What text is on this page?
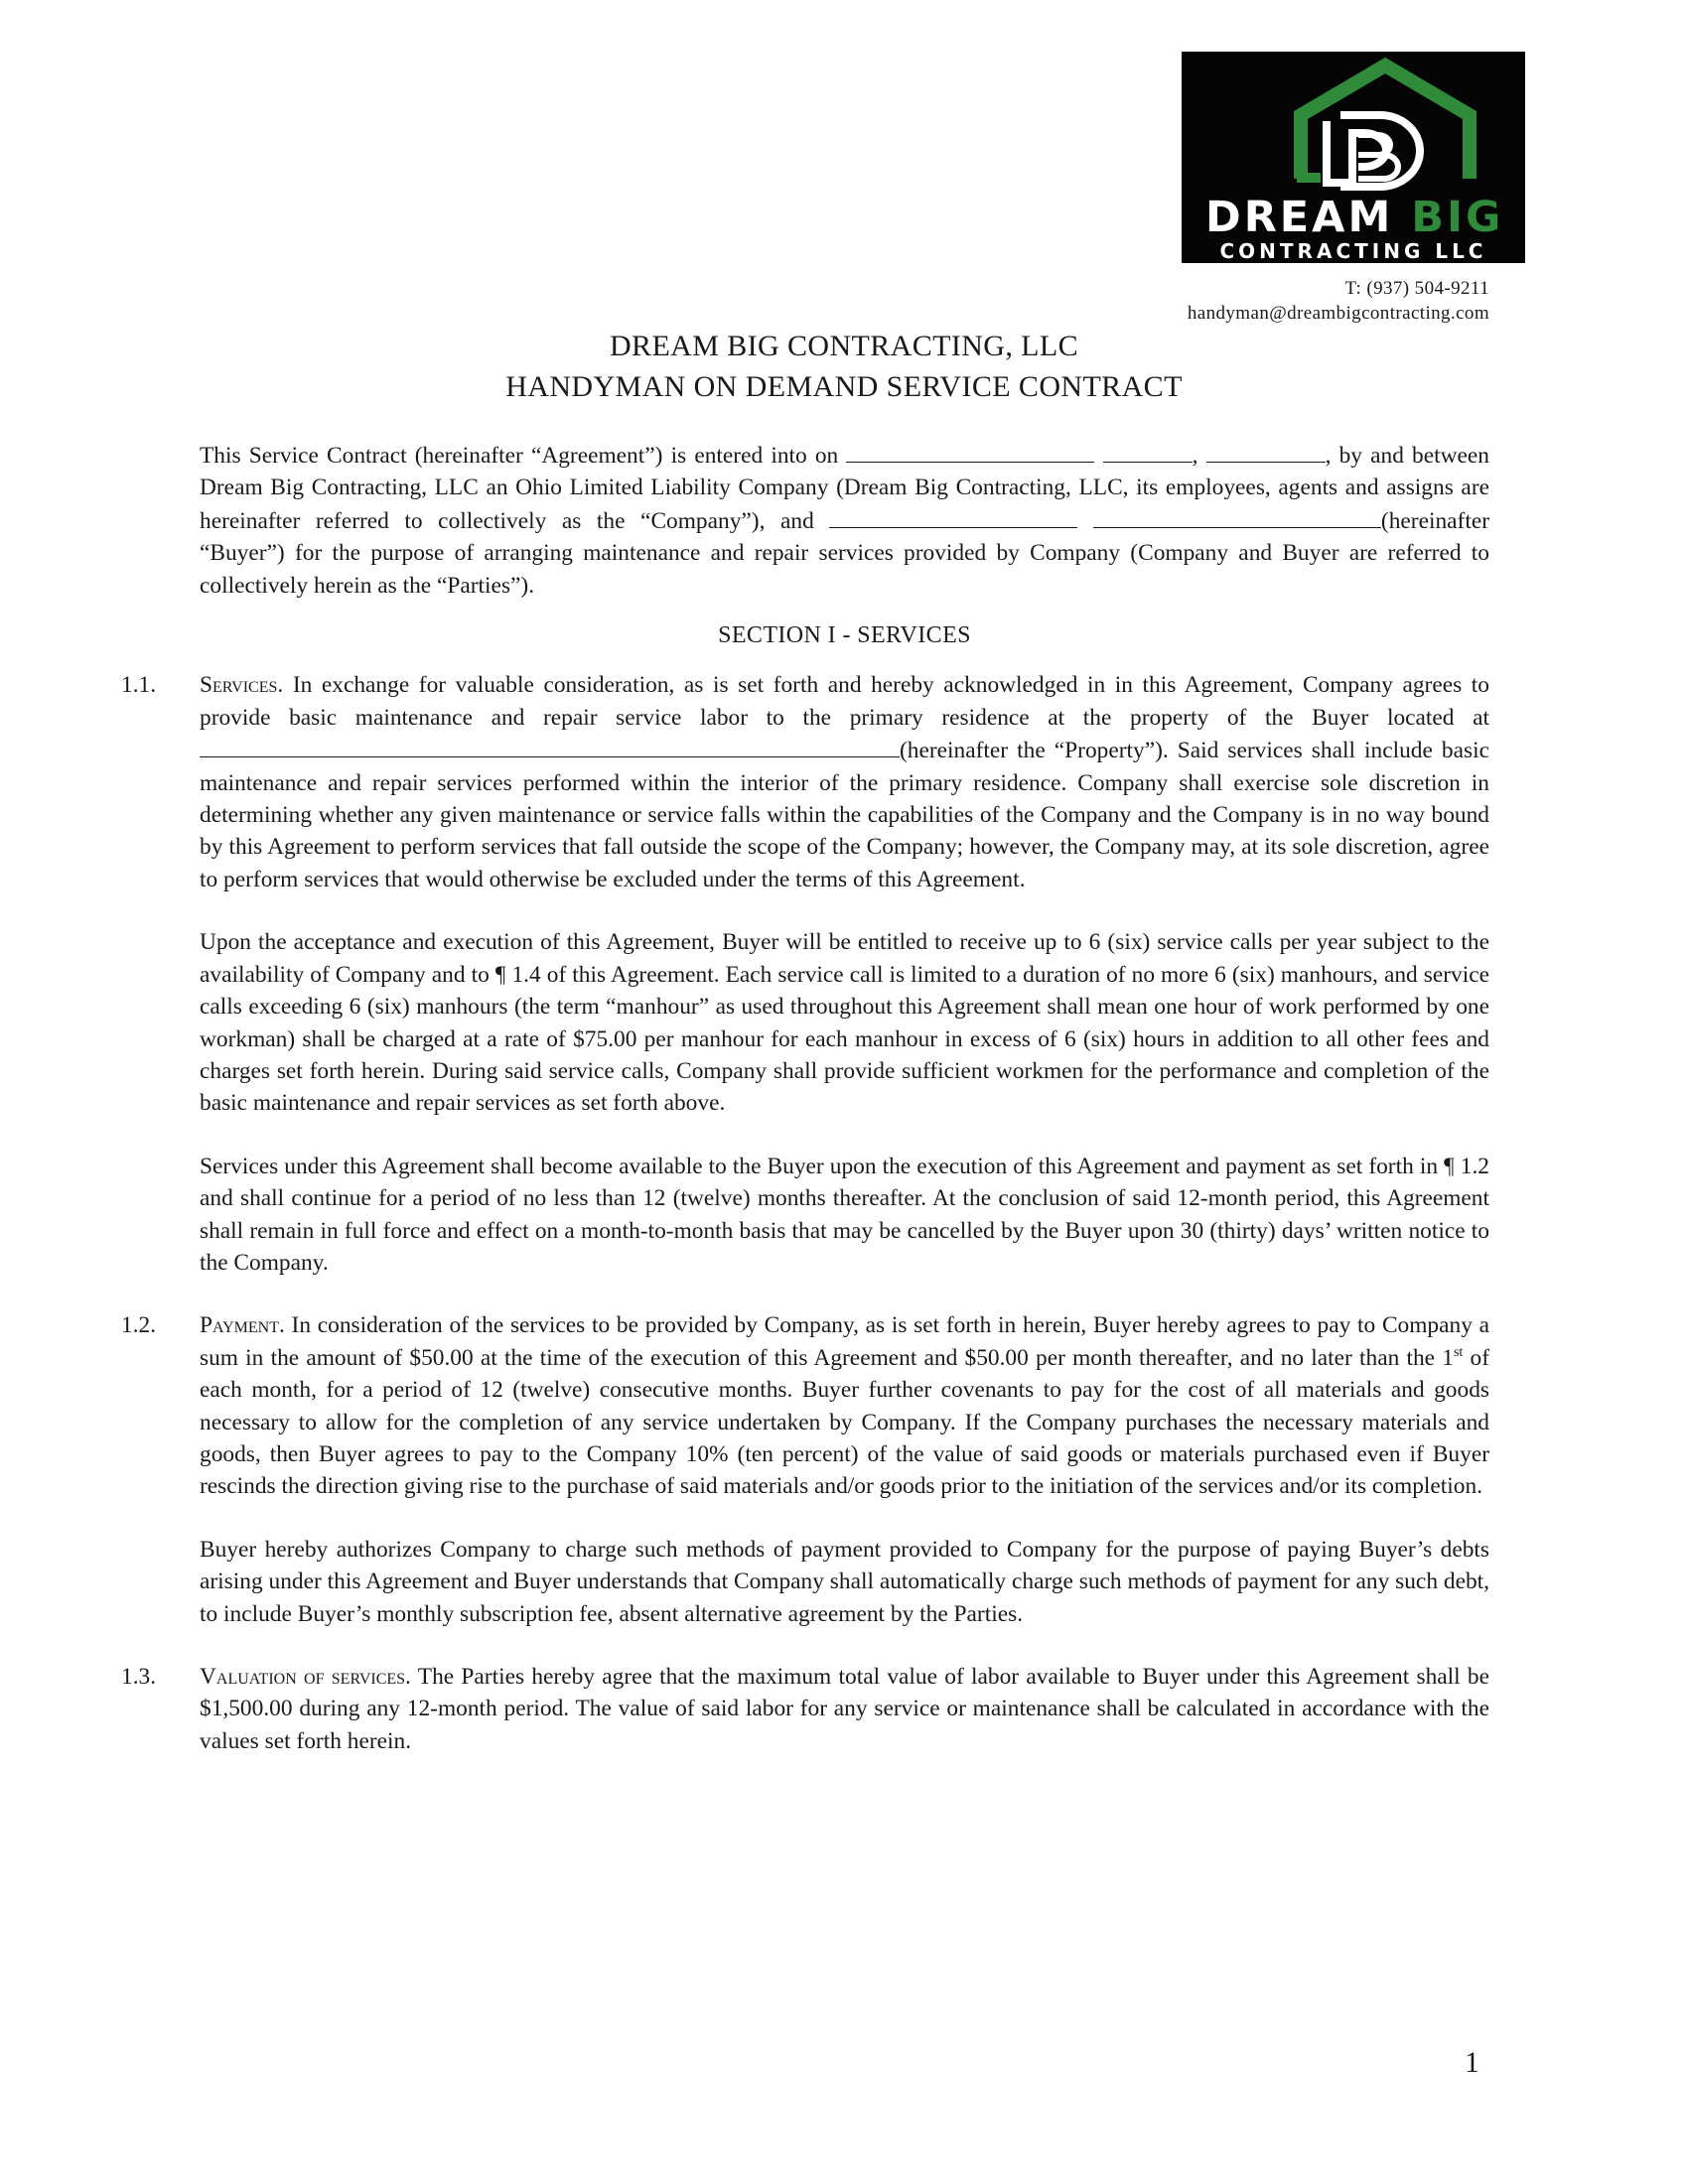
DREAM BIG
CONTRACTING LLC
T: (937) 504-9211
handyman@dreambigcontracting.com
DREAM BIG CONTRACTING, LLC
HANDYMAN ON DEMAND SERVICE CONTRACT

This Service Contract (hereinafter “Agreement”) is entered into on	,	, by and between Dream Big Contracting, LLC an Ohio Limited Liability Company (Dream Big Contracting, LLC, its employees, agents and assigns are hereinafter referred to collectively as the “Company”), and	(hereinafter “Buyer”) for the purpose of arranging maintenance and repair services provided by Company (Company and Buyer are referred to collectively herein as the “Parties”).

SECTION I - SERVICES
1.1. Services. In exchange for valuable consideration, as is set forth and hereby acknowledged in in this Agreement, Company agrees to provide basic maintenance and repair service labor to the primary residence at the property of the Buyer located at (hereinafter the “Property”). Said services shall include basic maintenance and repair services performed within the interior of the primary residence. Company shall exercise sole discretion in determining whether any given maintenance or service falls within the capabilities of the Company and the Company is in no way bound by this Agreement to perform services that fall outside the scope of the Company; however, the Company may, at its sole discretion, agree to perform services that would otherwise be excluded under the terms of this Agreement.

Upon the acceptance and execution of this Agreement, Buyer will be entitled to receive up to 6 (six) service calls per year subject to the availability of Company and to ¶ 1.4 of this Agreement. Each service call is limited to a duration of no more 6 (six) manhours, and service calls exceeding 6 (six) manhours (the term “manhour” as used throughout this Agreement shall mean one hour of work performed by one workman) shall be charged at a rate of $75.00 per manhour for each manhour in excess of 6 (six) hours in addition to all other fees and charges set forth herein. During said service calls, Company shall provide sufficient workmen for the performance and completion of the basic maintenance and repair services as set forth above.

Services under this Agreement shall become available to the Buyer upon the execution of this Agreement and payment as set forth in ¶ 1.2 and shall continue for a period of no less than 12 (twelve) months thereafter. At the conclusion of said 12-month period, this Agreement shall remain in full force and effect on a month-to-month basis that may be cancelled by the Buyer upon 30 (thirty) days’ written notice to the Company.

1.2. Payment. In consideration of the services to be provided by Company, as is set forth in herein, Buyer hereby agrees to pay to Company a sum in the amount of $50.00 at the time of the execution of this Agreement and $50.00 per month thereafter, and no later than the 1st of each month, for a period of 12 (twelve) consecutive months. Buyer further covenants to pay for the cost of all materials and goods necessary to allow for the completion of any service undertaken by Company. If the Company purchases the necessary materials and goods, then Buyer agrees to pay to the Company 10% (ten percent) of the value of said goods or materials purchased even if Buyer rescinds the direction giving rise to the purchase of said materials and/or goods prior to the initiation of the services and/or its completion.

Buyer hereby authorizes Company to charge such methods of payment provided to Company for the purpose of paying Buyer’s debts arising under this Agreement and Buyer understands that Company shall automatically charge such methods of payment for any such debt, to include Buyer’s monthly subscription fee, absent alternative agreement by the Parties.

1.3. Valuation of services. The Parties hereby agree that the maximum total value of labor available to Buyer under this Agreement shall be $1,500.00 during any 12-month period. The value of said labor for any service or maintenance shall be calculated in accordance with the values set forth herein.

1
